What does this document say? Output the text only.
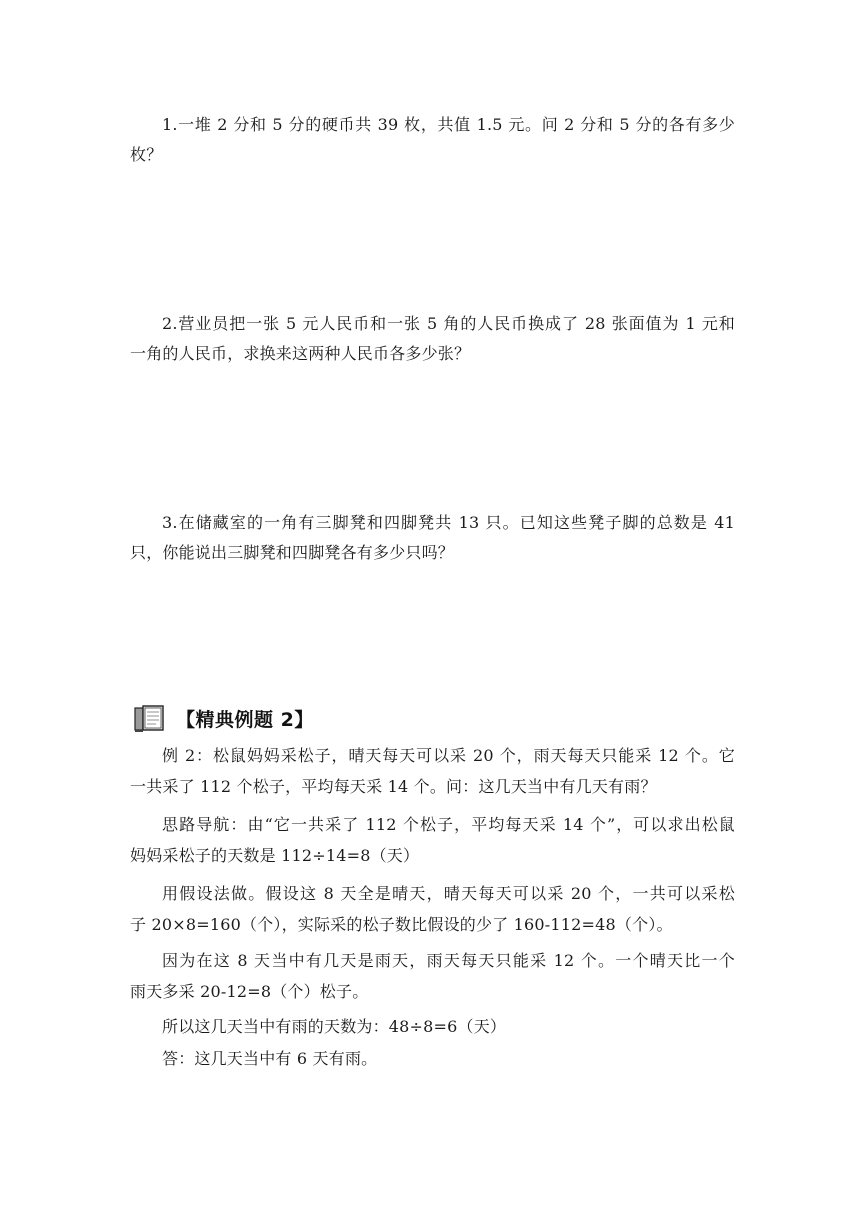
1.一堆 2 分和 5 分的硬币共 39 枚，共值 1.5 元。问 2 分和 5 分的各有多少
枚？
2.营业员把一张 5 元人民币和一张 5 角的人民币换成了 28 张面值为 1 元和
一角的人民币，求换来这两种人民币各多少张？
3.在储藏室的一角有三脚凳和四脚凳共 13 只。已知这些凳子脚的总数是 41
只，你能说出三脚凳和四脚凳各有多少只吗？
【精典例题 2】
例 2：松鼠妈妈采松子，晴天每天可以采 20 个，雨天每天只能采 12 个。它
一共采了 112 个松子，平均每天采 14 个。问：这几天当中有几天有雨？
思路导航：由“它一共采了 112 个松子，平均每天采 14 个”，可以求出松鼠
妈妈采松子的天数是 112÷14=8（天）
用假设法做。假设这 8 天全是晴天，晴天每天可以采 20 个，一共可以采松
子 20×8=160（个），实际采的松子数比假设的少了 160-112=48（个）。
因为在这 8 天当中有几天是雨天，雨天每天只能采 12 个。一个晴天比一个
雨天多采 20-12=8（个）松子。
所以这几天当中有雨的天数为：48÷8=6（天）
答：这几天当中有 6 天有雨。
